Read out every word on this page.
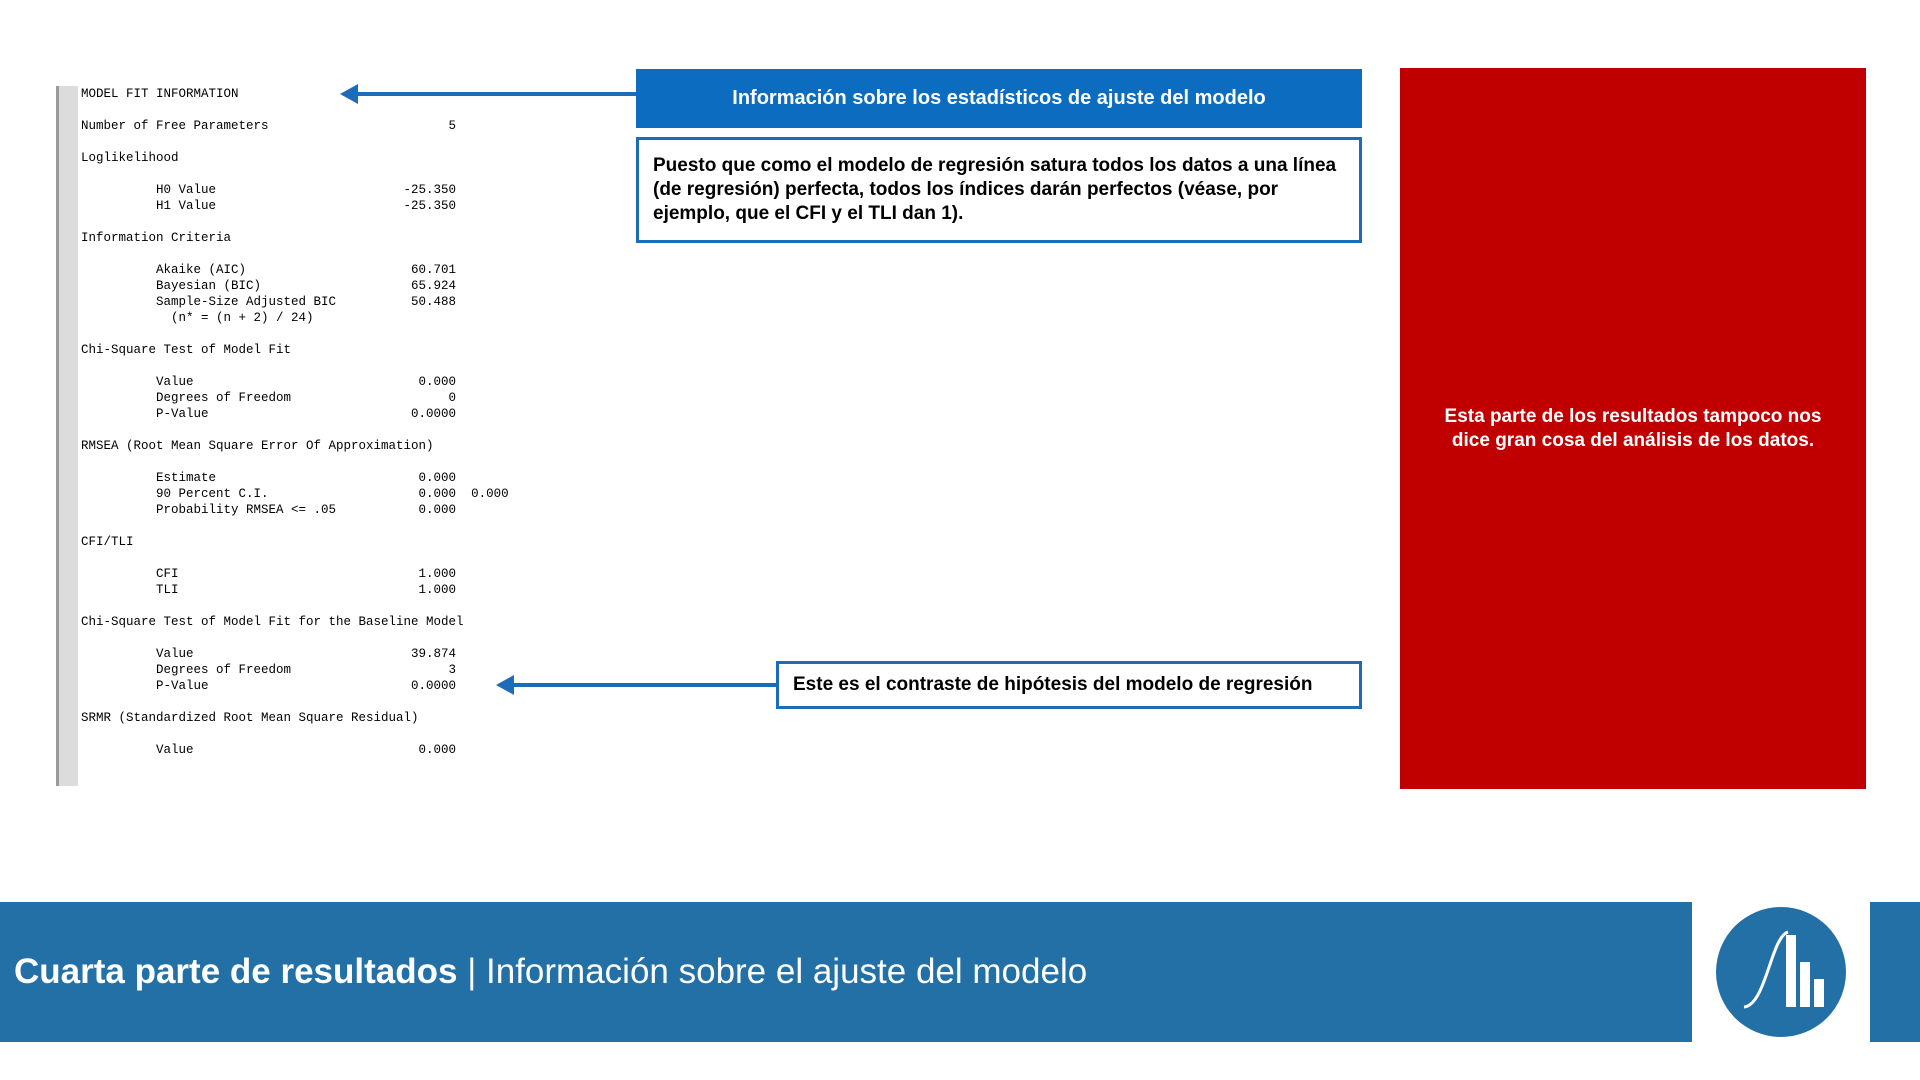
MODEL FIT INFORMATION

Number of Free Parameters                        5

Loglikelihood

H0 Value                         -25.350
H1 Value                         -25.350

Information Criteria

Akaike (AIC)                      60.701
Bayesian (BIC)                    65.924
Sample-Size Adjusted BIC          50.488
(n* = (n + 2) / 24)

Chi-Square Test of Model Fit

Value                              0.000
Degrees of Freedom                     0
P-Value                           0.0000

RMSEA (Root Mean Square Error Of Approximation)

Estimate                           0.000
90 Percent C.I.                    0.000  0.000
Probability RMSEA <= .05           0.000

CFI/TLI

CFI                                1.000
TLI                                1.000

Chi-Square Test of Model Fit for the Baseline Model

Value                             39.874
Degrees of Freedom                     3
P-Value                           0.0000

SRMR (Standardized Root Mean Square Residual)

Value                              0.000
Información sobre los estadísticos de ajuste del modelo
Puesto que como el modelo de regresión satura todos los datos a una línea (de regresión) perfecta, todos los índices darán perfectos (véase, por ejemplo, que el CFI y el TLI dan 1).
Este es el contraste de hipótesis del modelo de regresión
Esta parte de los resultados tampoco nos dice gran cosa del análisis de los datos.
Cuarta parte de resultados | Información sobre el ajuste del modelo
